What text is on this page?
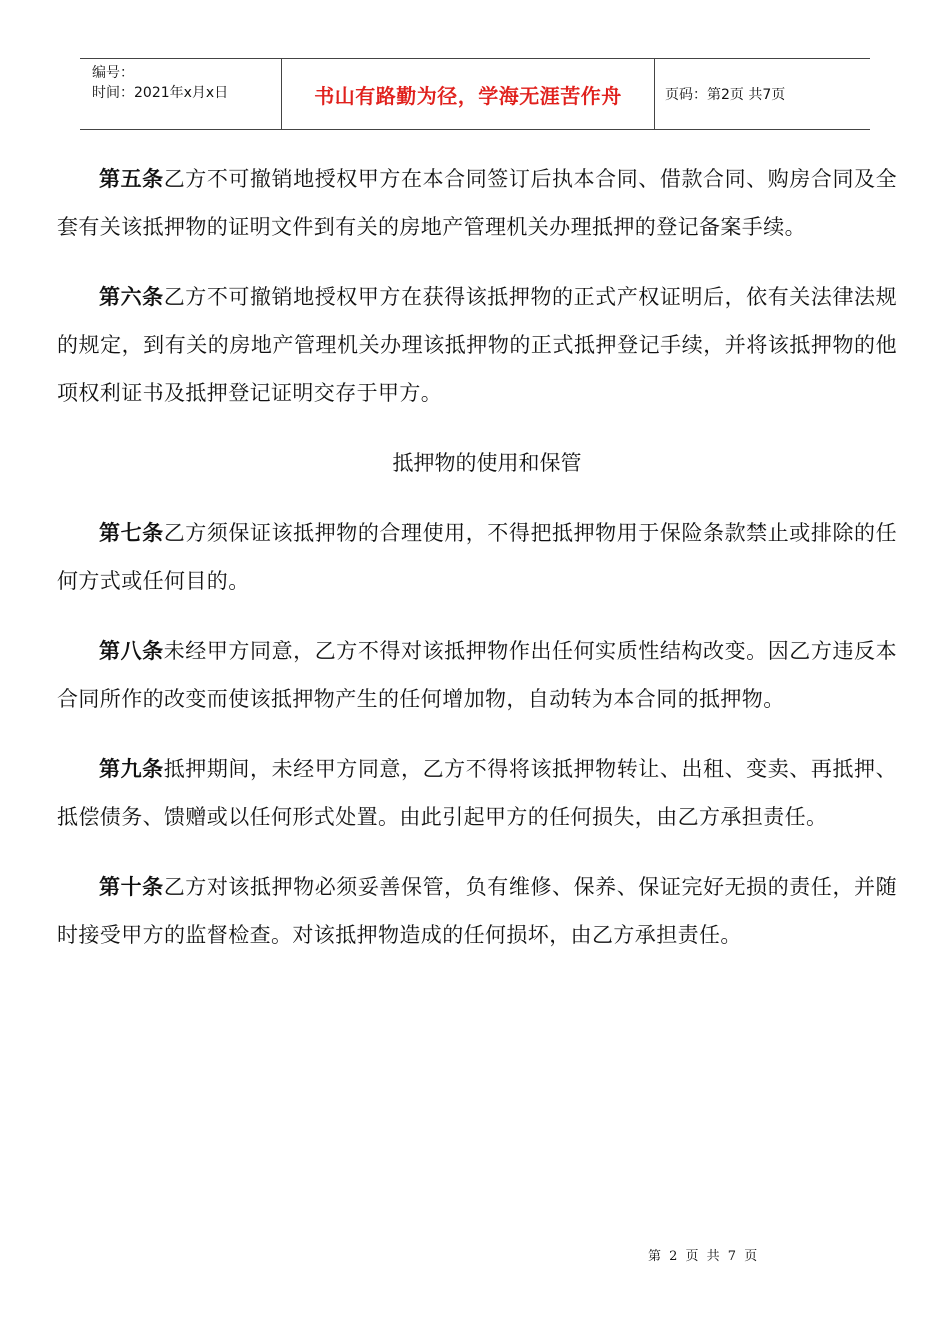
编号：
时间：2021年x月x日	书山有路勤为径，学海无涯苦作舟	页码：第2页 共7页

第五条乙方不可撤销地授权甲方在本合同签订后执本合同、借款合同、购房合同及全套有关该抵押物的证明文件到有关的房地产管理机关办理抵押的登记备案手续。

第六条乙方不可撤销地授权甲方在获得该抵押物的正式产权证明后，依有关法律法规的规定，到有关的房地产管理机关办理该抵押物的正式抵押登记手续，并将该抵押物的他项权利证书及抵押登记证明交存于甲方。

抵押物的使用和保管

第七条乙方须保证该抵押物的合理使用，不得把抵押物用于保险条款禁止或排除的任何方式或任何目的。

第八条未经甲方同意，乙方不得对该抵押物作出任何实质性结构改变。因乙方违反本合同所作的改变而使该抵押物产生的任何增加物，自动转为本合同的抵押物。

第九条抵押期间，未经甲方同意，乙方不得将该抵押物转让、出租、变卖、再抵押、抵偿债务、馈赠或以任何形式处置。由此引起甲方的任何损失，由乙方承担责任。

第十条乙方对该抵押物必须妥善保管，负有维修、保养、保证完好无损的责任，并随时接受甲方的监督检查。对该抵押物造成的任何损坏，由乙方承担责任。

第 2 页 共 7 页
